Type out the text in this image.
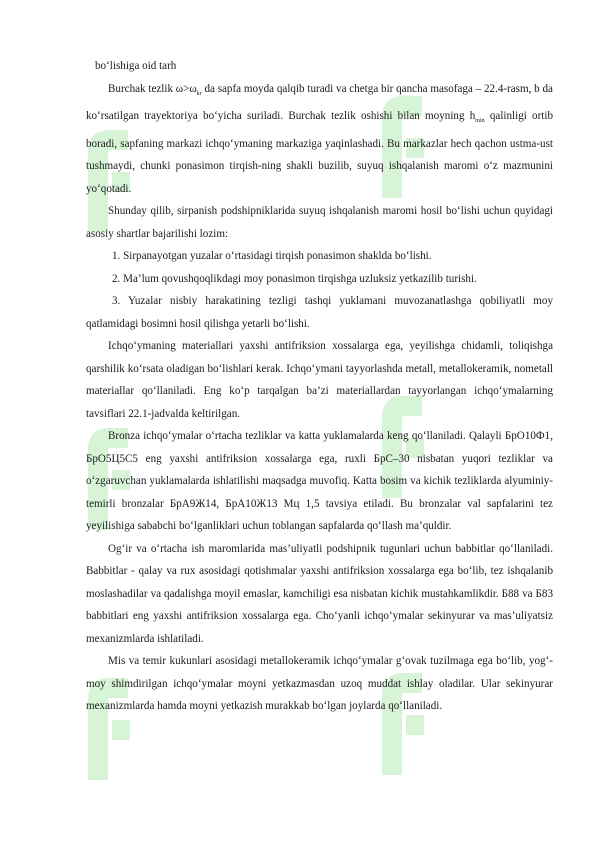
bo‘lishiga oid tarh

Burchak tezlik $\omega>\omega_{kr}$ da sapfa moyda qalqib turadi va chetga bir qancha masofaga – 22.4-rasm, b da ko‘rsatilgan trayektoriya bo‘yicha suriladi. Burchak tezlik oshishi bilan moyning $h_{min}$ qalinligi ortib boradi, sapfaning markazi ichqo‘ymaning markaziga yaqinlashadi. Bu markazlar hech qachon ustma-ust tushmaydi, chunki ponasimon tirqish-ning shakli buzilib, suyuq ishqalanish maromi o‘z mazmunini yo‘qotadi.

Shunday qilib, sirpanish podshipniklarida suyuq ishqalanish maromi hosil bo‘lishi uchun quyidagi asosiy shartlar bajarilishi lozim:

1. Sirpanayotgan yuzalar o‘rtasidagi tirqish ponasimon shaklda bo‘lishi.

2. Ma’lum qovushqoqlikdagi moy ponasimon tirqishga uzluksiz yetkazilib turishi.

3. Yuzalar nisbiy harakatining tezligi tashqi yuklamani muvozanatlashga qobiliyatli moy qatlamidagi bosimni hosil qilishga yetarli bo‘lishi.

Ichqo‘ymaning materiallari yaxshi antifriksion xossalarga ega, yeyilishga chidamli, toliqishga qarshilik ko‘rsata oladigan bo‘lishlari kerak. Ichqo‘ymani tayyorlashda metall, metallokeramik, nometall materiallar qo‘llaniladi. Eng ko‘p tarqalgan ba’zi materiallardan tayyorlangan ichqo‘ymalarning tavsiflari 22.1-jadvalda keltirilgan.

Bronza ichqo‘ymalar o‘rtacha tezliklar va katta yuklamalarda keng qo‘llaniladi. Qalayli БрО10Ф1, БрО5Ц5С5 eng yaxshi antifriksion xossalarga ega, ruxli БрС–30 nisbatan yuqori tezliklar va o‘zgaruvchan yuklamalarda ishlatilishi maqsadga muvofiq. Katta bosim va kichik tezliklarda alyuminiy-temirli bronzalar БрА9Ж14, БрА10Ж13 Мц 1,5 tavsiya etiladi. Bu bronzalar val sapfalarini tez yeyilishiga sababchi bo‘lganliklari uchun toblangan sapfalarda qo‘llash ma’quldir.

Og‘ir va o‘rtacha ish maromlarida mas’uliyatli podshipnik tugunlari uchun babbitlar qo‘llaniladi. Babbitlar - qalay va rux asosidagi qotishmalar yaxshi antifriksion xossalarga ega bo‘lib, tez ishqalanib moslashadilar va qadalishga moyil emaslar, kamchiligi esa nisbatan kichik mustahkamlikdir. Б88 va Б83 babbitlari eng yaxshi antifriksion xossalarga ega. Cho‘yanli ichqo‘ymalar sekinyurar va mas’uliyatsiz mexanizmlarda ishlatiladi.

Mis va temir kukunlari asosidagi metallokeramik ichqo‘ymalar g‘ovak tuzilmaga ega bo‘lib, yog‘- moy shimdirilgan ichqo‘ymalar moyni yetkazmasdan uzoq muddat ishlay oladilar. Ular sekinyurar mexanizmlarda hamda moyni yetkazish murakkab bo‘lgan joylarda qo‘llaniladi.
